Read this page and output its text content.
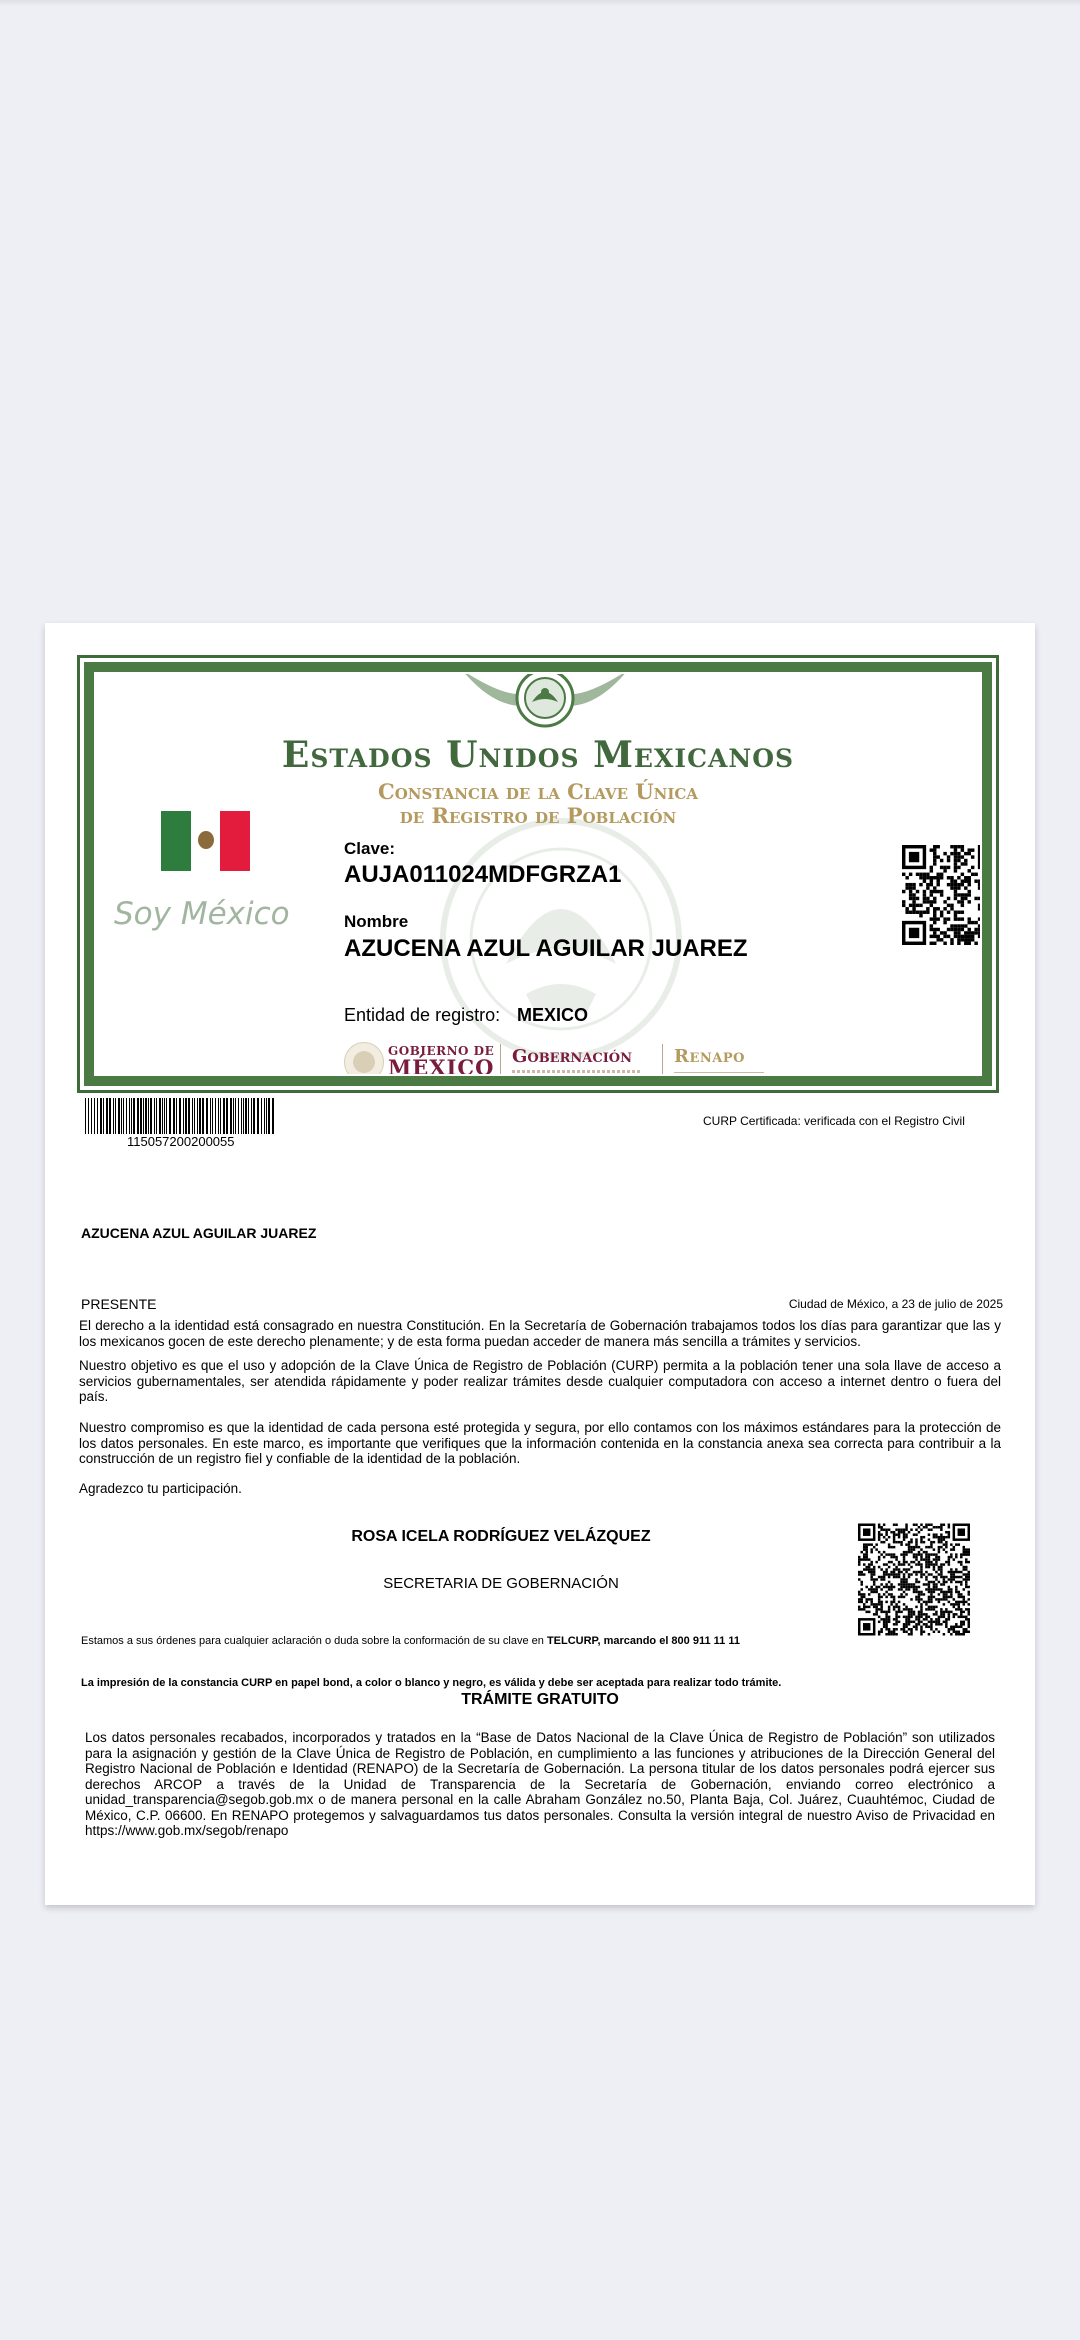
Estados Unidos Mexicanos
Constancia de la Clave Única
de Registro de Población
Soy México
Clave:
AUJA011024MDFGRZA1
Nombre
AZUCENA AZUL AGUILAR JUAREZ
Entidad de registro: MEXICO
GOBIERNO DE
MÉXICO Gobernación Renapo
115057200200055
CURP Certificada: verificada con el Registro Civil
AZUCENA AZUL AGUILAR JUAREZ
PRESENTE	Ciudad de México, a 23 de julio de 2025
El derecho a la identidad está consagrado en nuestra Constitución. En la Secretaría de Gobernación trabajamos todos los días para garantizar que las y los mexicanos gocen de este derecho plenamente; y de esta forma puedan acceder de manera más sencilla a trámites y servicios.
Nuestro objetivo es que el uso y adopción de la Clave Única de Registro de Población (CURP) permita a la población tener una sola llave de acceso a servicios gubernamentales, ser atendida rápidamente y poder realizar trámites desde cualquier computadora con acceso a internet dentro o fuera del país.
Nuestro compromiso es que la identidad de cada persona esté protegida y segura, por ello contamos con los máximos estándares para la protección de los datos personales. En este marco, es importante que verifiques que la información contenida en la constancia anexa sea correcta para contribuir a la construcción de un registro fiel y confiable de la identidad de la población.
Agradezco tu participación.
ROSA ICELA RODRÍGUEZ VELÁZQUEZ
SECRETARIA DE GOBERNACIÓN
Estamos a sus órdenes para cualquier aclaración o duda sobre la conformación de su clave en TELCURP, marcando el 800 911 11 11
La impresión de la constancia CURP en papel bond, a color o blanco y negro, es válida y debe ser aceptada para realizar todo trámite.
TRÁMITE GRATUITO
Los datos personales recabados, incorporados y tratados en la “Base de Datos Nacional de la Clave Única de Registro de Población” son utilizados para la asignación y gestión de la Clave Única de Registro de Población, en cumplimiento a las funciones y atribuciones de la Dirección General del Registro Nacional de Población e Identidad (RENAPO) de la Secretaría de Gobernación. La persona titular de los datos personales podrá ejercer sus derechos ARCOP a través de la Unidad de Transparencia de la Secretaría de Gobernación, enviando correo electrónico a unidad_transparencia@segob.gob.mx o de manera personal en la calle Abraham González no.50, Planta Baja, Col. Juárez, Cuauhtémoc, Ciudad de México, C.P. 06600. En RENAPO protegemos y salvaguardamos tus datos personales. Consulta la versión integral de nuestro Aviso de Privacidad en https://www.gob.mx/segob/renapo
